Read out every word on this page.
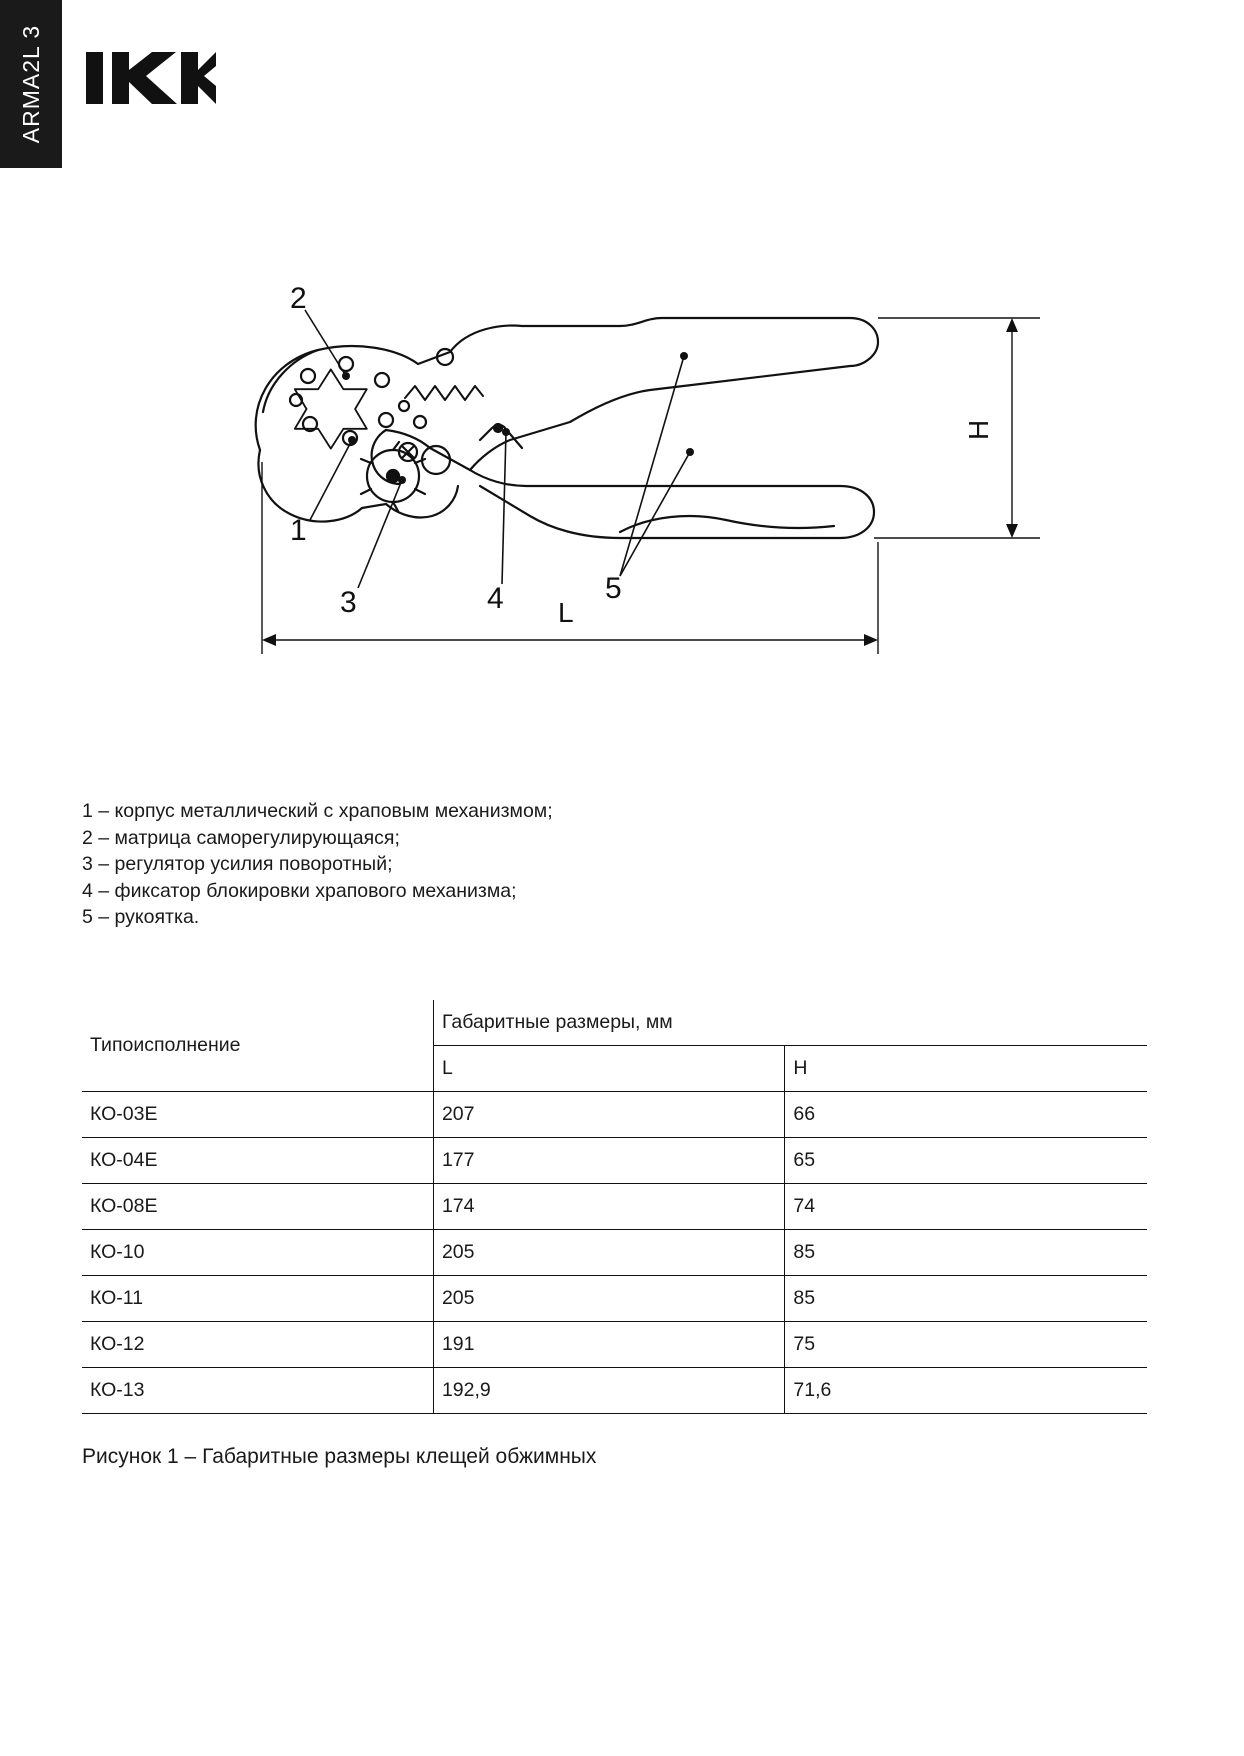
ARMA2L 3
2
1
3	4	5
H
L
1 – корпус металлический с храповым механизмом;
2 – матрица саморегулирующаяся;
3 – регулятор усилия поворотный;
4 – фиксатор блокировки храпового механизма;
5 – рукоятка.
Типоисполнение	Габаритные размеры, мм	
	L	H
КО-03Е	207	66
КО-04Е	177	65
КО-08Е	174	74
КО-10	205	85
КО-11	205	85
КО-12	191	75
КО-13	192,9	71,6
Рисунок 1 – Габаритные размеры клещей обжимных
